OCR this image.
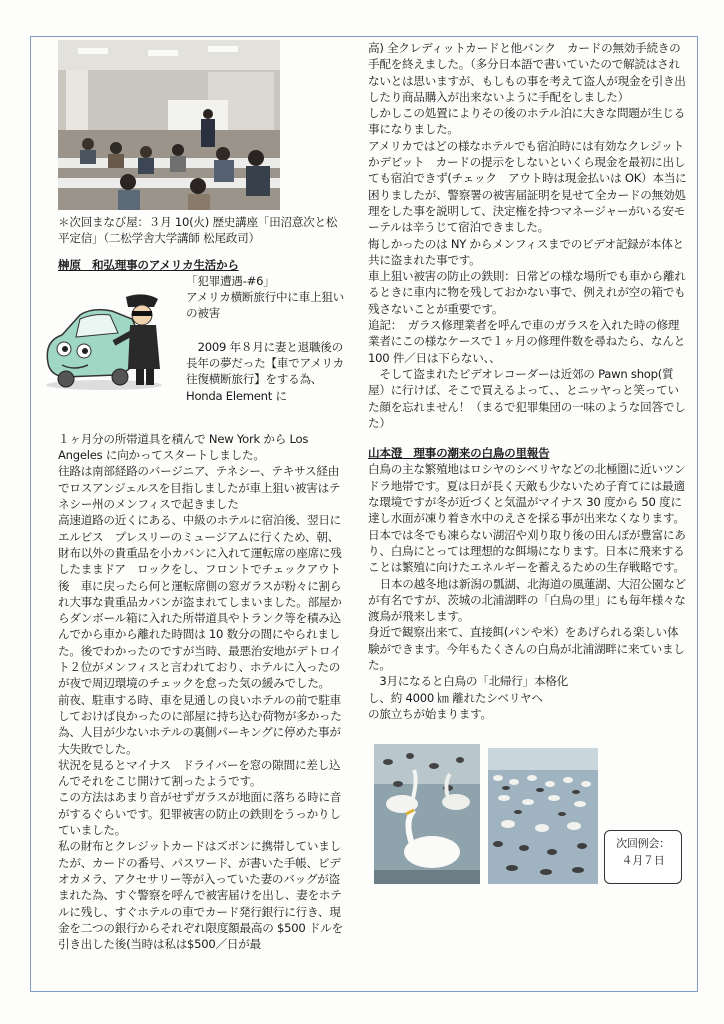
＊次回まなび屋：３月 10(火) 歴史講座「田沼意次と松平定信」（二松学舎大学講師 松尾政司）

榊原　和弘理事のアメリカ生活から

「犯罪遭遇-#6」

アメリカ横断旅行中に車上狙いの被害

2009 年８月に妻と退職後の長年の夢だった【車でアメリカ往復横断旅行】をする為、Honda Element に

１ヶ月分の所帯道具を積んで New York から Los Angeles に向かってスタートしました。

往路は南部経路のバージニア、テネシー、テキサス経由でロスアンジェルスを目指しましたが車上狙い被害はテネシー州のメンフィスで起きました

高速道路の近くにある、中級のホテルに宿泊後、翌日にエルビス　プレスリーのミュージアムに行くため、朝、財布以外の貴重品を小カバンに入れて運転席の座席に残したままドア　ロックをし、フロントでチェックアウト後　車に戻ったら何と運転席側の窓ガラスが粉々に割られ大事な貴重品カバンが盗まれてしまいました。部屋からダンボール箱に入れた所帯道具やトランク等を積み込んでから車から離れた時間は 10 数分の間にやられました。後でわかったのですが当時、最悪治安地がデトロイト２位がメンフィスと言われており、ホテルに入ったのが夜で周辺環境のチェックを怠った気の緩みでした。

前夜、駐車する時、車を見通しの良いホテルの前で駐車しておけば良かったのに部屋に持ち込む荷物が多かった為、人目が少ないホテルの裏側パーキングに停めた事が大失敗でした。

状況を見るとマイナス　ドライバーを窓の隙間に差し込んでそれをこじ開けて割ったようです。

この方法はあまり音がせずガラスが地面に落ちる時に音がするぐらいです。犯罪被害の防止の鉄則をうっかりしていました。

私の財布とクレジットカードはズボンに携帯していましたが、カードの番号、パスワード、が書いた手帳、ビデオカメラ、アクセサリー等が入っていた妻のバッグが盗まれた為、すぐ警察を呼んで被害届けを出し、妻をホテルに残し、すぐホテルの車でカード発行銀行に行き、現金を二つの銀行からそれぞれ限度額最高の $500 ドルを引き出した後(当時は私は$500／日が最

高) 全クレディットカードと他バンク　カードの無効手続きの手配を終えました。（多分日本語で書いていたので解読はされないとは思いますが、もしもの事を考えて盗人が現金を引き出したり商品購入が出来ないように手配をしました）

しかしこの処置によりその後のホテル泊に大きな問題が生じる事になりました。

アメリカではどの様なホテルでも宿泊時には有効なクレジットかデビット　カードの提示をしないといくら現金を最初に出しても宿泊できず(チェック　アウト時は現金払いは OK）本当に困りましたが、警察署の被害届証明を見せて全カードの無効処理をした事を説明して、決定権を持つマネージャーがいる安モーテルは辛うじて宿泊できました。

悔しかったのは NY からメンフィスまでのビデオ記録が本体と共に盗まれた事です。

車上狙い被害の防止の鉄則：日常どの様な場所でも車から離れるときに車内に物を残しておかない事で、例えれが空の箱でも残さないことが重要です。

追記：　ガラス修理業者を呼んで車のガラスを入れた時の修理業者にこの様なケースで１ヶ月の修理件数を尋ねたら、なんと 100 件／日は下らない、、

　そして盗まれたビデオレコーダーは近郊の Pawn shop(質屋）に行けば、そこで買えるよって、、とニッヤっと笑っていた顔を忘れません！（まるで犯罪集団の一味のような回答でした）

山本澄　理事の潮来の白鳥の里報告

白鳥の主な繁殖地はロシヤのシベリヤなどの北極圏に近いツンドラ地帯です。夏は日が長く天敵も少ないため子育てには最適な環境ですが冬が近づくと気温がマイナス 30 度から 50 度に達し水面が凍り着き水中のえさを採る事が出来なくなります。

日本では冬でも凍らない湖沼や刈り取り後の田んぼが豊富にあり、白鳥にとっては理想的な餌場になります。日本に飛来することは繁殖に向けたエネルギーを蓄えるための生存戦略です。

日本の越冬地は新潟の瓢湖、北海道の風蓮湖、大沼公園などが有名ですが、茨城の北浦湖畔の「白鳥の里」にも毎年様々な渡鳥が飛来します。

身近で観察出来て、直接餌(パンや米）をあげられる楽しい体験ができます。今年もたくさんの白鳥が北浦湖畔に来ていました。

　3月になると白鳥の「北帰行」本格化し、約 4000 ㎞ 離れたシベリヤへ

の旅立ちが始まります。

次回例会：
４月７日
